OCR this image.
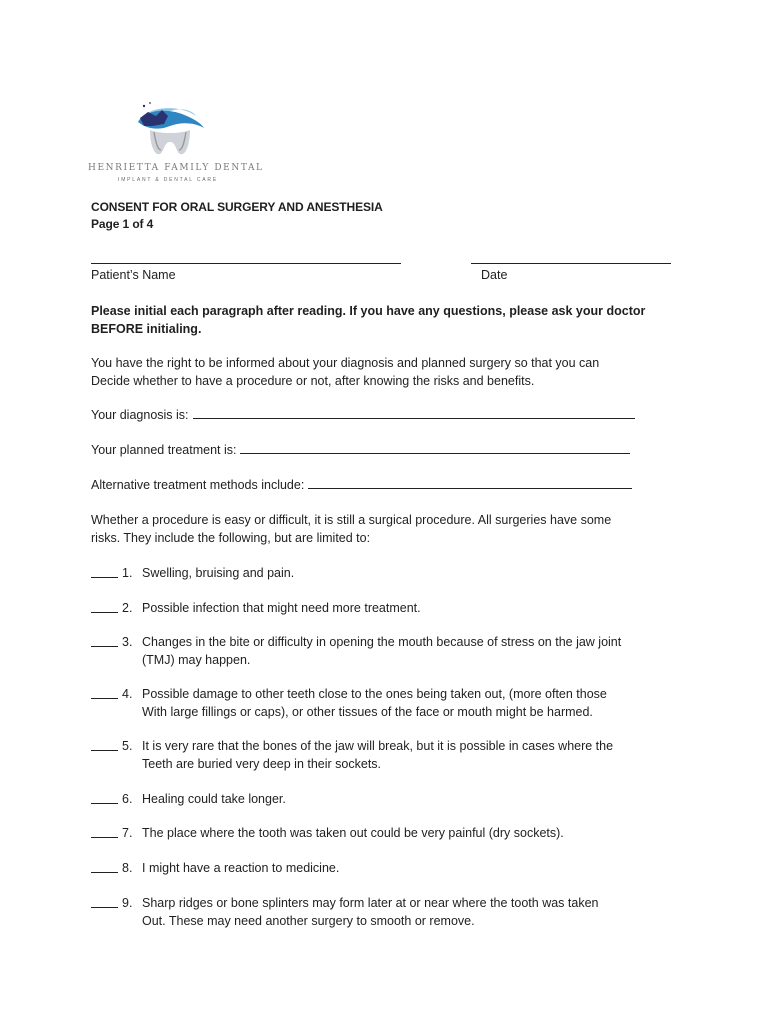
HENRIETTA FAMILY DENTAL
IMPLANT & DENTAL CARE
CONSENT FOR ORAL SURGERY AND ANESTHESIA
Page 1 of 4
Patient’s Name	Date
Please initial each paragraph after reading. If you have any questions, please ask your doctor BEFORE initialing.
You have the right to be informed about your diagnosis and planned surgery so that you can
Decide whether to have a procedure or not, after knowing the risks and benefits.
Your diagnosis is:
Your planned treatment is:
Alternative treatment methods include:
Whether a procedure is easy or difficult, it is still a surgical procedure. All surgeries have some
risks. They include the following, but are limited to:
1. Swelling, bruising and pain.
2. Possible infection that might need more treatment.
3. Changes in the bite or difficulty in opening the mouth because of stress on the jaw joint
(TMJ) may happen.
4. Possible damage to other teeth close to the ones being taken out, (more often those
With large fillings or caps), or other tissues of the face or mouth might be harmed.
5. It is very rare that the bones of the jaw will break, but it is possible in cases where the
Teeth are buried very deep in their sockets.
6. Healing could take longer.
7. The place where the tooth was taken out could be very painful (dry sockets).
8. I might have a reaction to medicine.
9. Sharp ridges or bone splinters may form later at or near where the tooth was taken
Out. These may need another surgery to smooth or remove.
